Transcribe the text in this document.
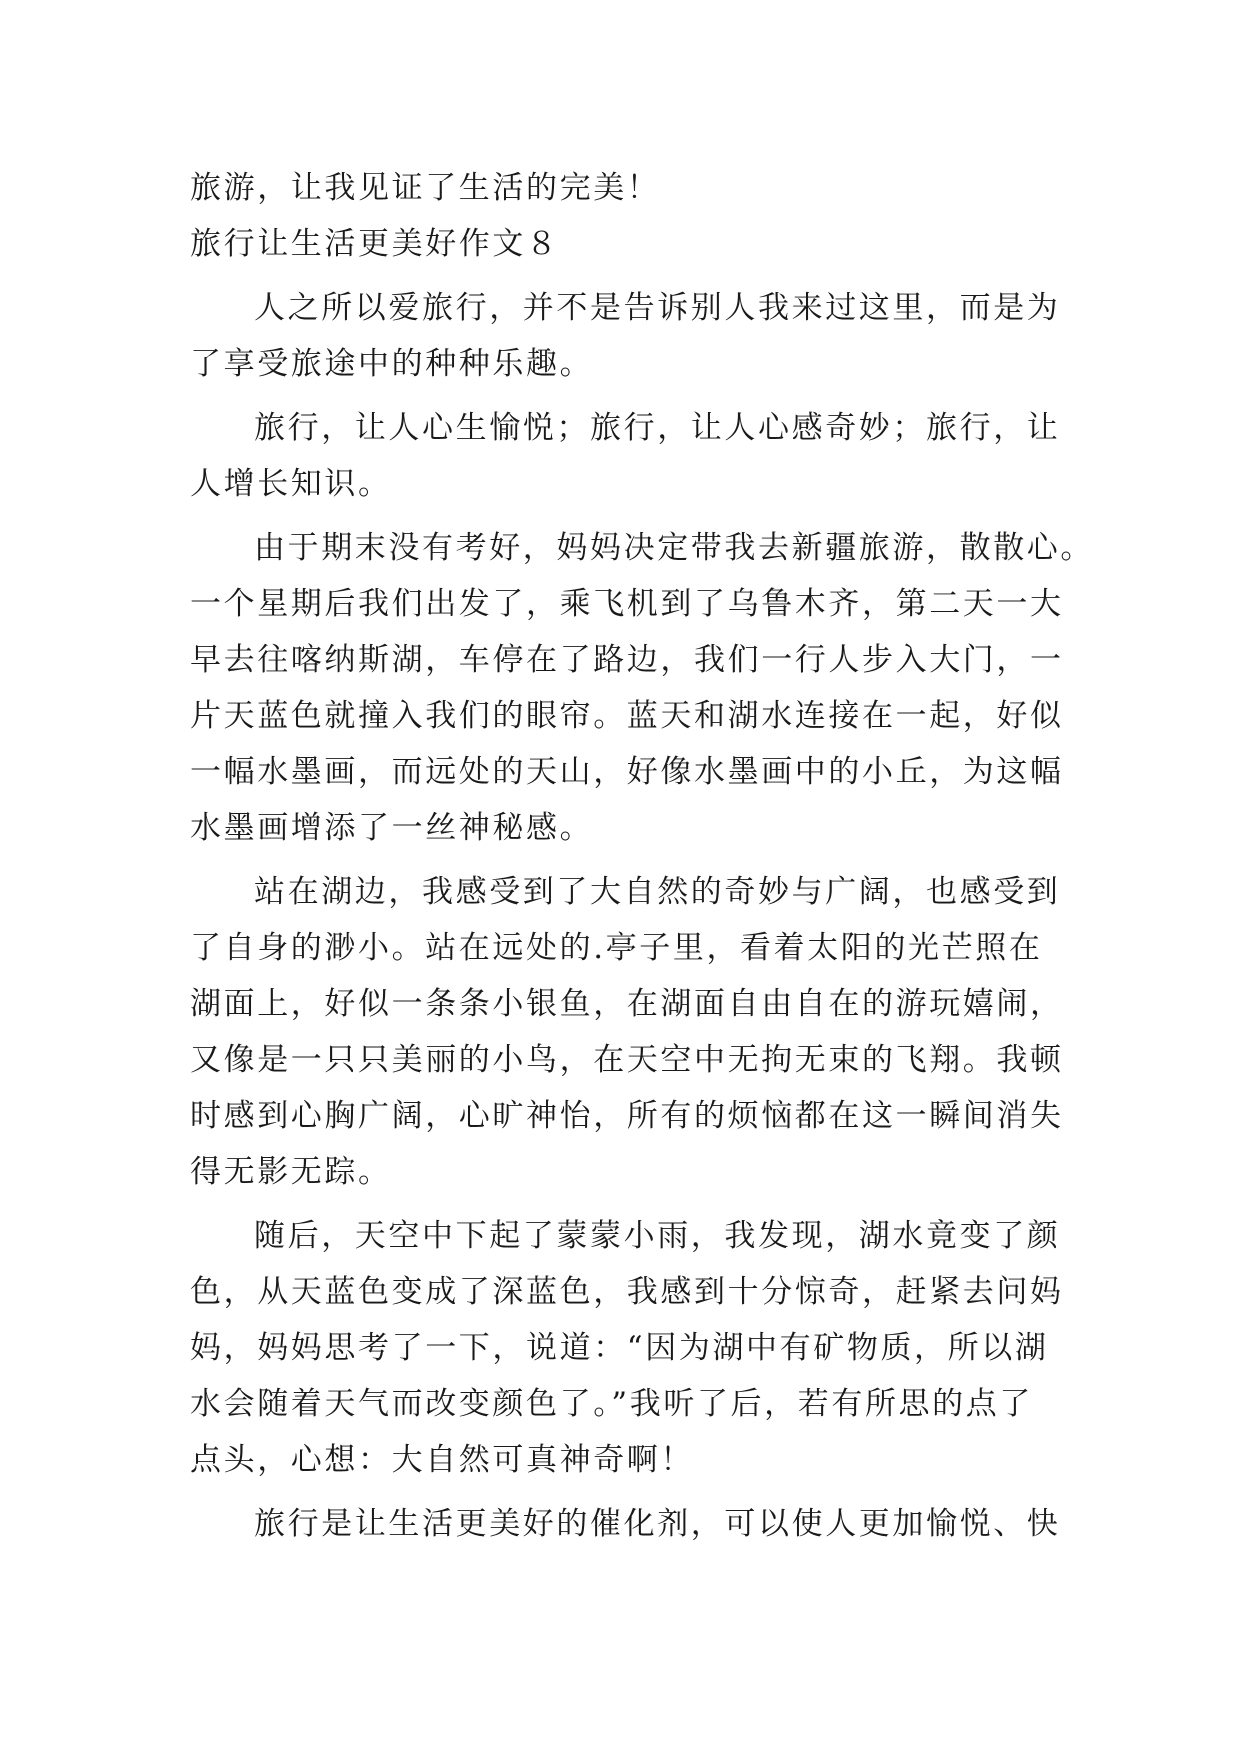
旅游，让我见证了生活的完美！
旅行让生活更美好作文８
人之所以爱旅行，并不是告诉别人我来过这里，而是为
了享受旅途中的种种乐趣。
旅行，让人心生愉悦；旅行，让人心感奇妙；旅行，让
人增长知识。
由于期末没有考好，妈妈决定带我去新疆旅游，散散心。
一个星期后我们出发了，乘飞机到了乌鲁木齐，第二天一大
早去往喀纳斯湖，车停在了路边，我们一行人步入大门，一
片天蓝色就撞入我们的眼帘。蓝天和湖水连接在一起，好似
一幅水墨画，而远处的天山，好像水墨画中的小丘，为这幅
水墨画增添了一丝神秘感。
站在湖边，我感受到了大自然的奇妙与广阔，也感受到
了自身的渺小。站在远处的.亭子里，看着太阳的光芒照在
湖面上，好似一条条小银鱼，在湖面自由自在的游玩嬉闹，
又像是一只只美丽的小鸟，在天空中无拘无束的飞翔。我顿
时感到心胸广阔，心旷神怡，所有的烦恼都在这一瞬间消失
得无影无踪。
随后，天空中下起了蒙蒙小雨，我发现，湖水竟变了颜
色，从天蓝色变成了深蓝色，我感到十分惊奇，赶紧去问妈
妈，妈妈思考了一下，说道：“因为湖中有矿物质，所以湖
水会随着天气而改变颜色了。”我听了后，若有所思的点了
点头，心想：大自然可真神奇啊！
旅行是让生活更美好的催化剂，可以使人更加愉悦、快
